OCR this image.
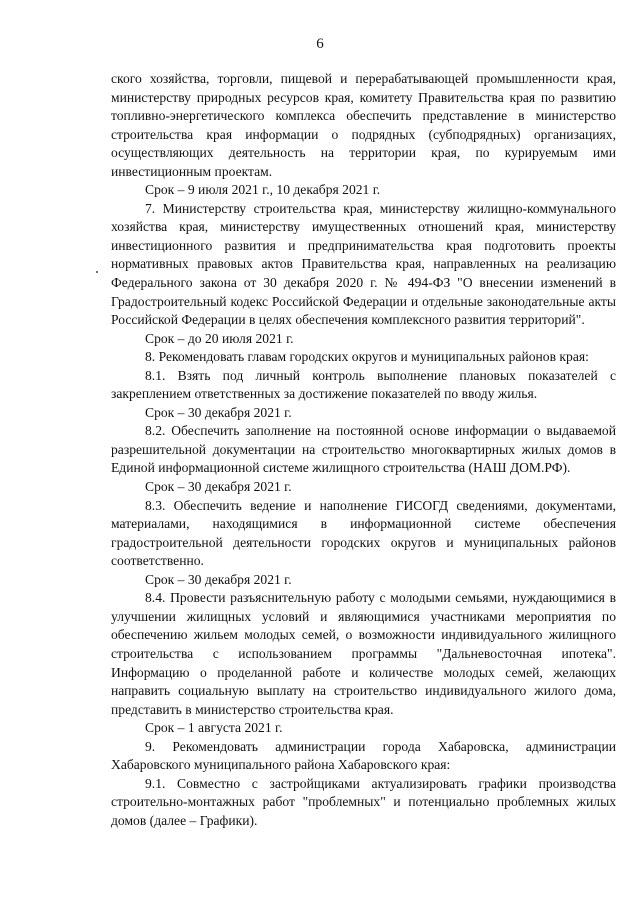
6

ского хозяйства, торговли, пищевой и перерабатывающей промышленности края, министерству природных ресурсов края, комитету Правительства края по развитию топливно-энергетического комплекса обеспечить представление в министерство строительства края информации о подрядных (субподрядных) организациях, осуществляющих деятельность на территории края, по курируемым ими инвестиционным проектам.

Срок – 9 июля 2021 г., 10 декабря 2021 г.

7. Министерству строительства края, министерству жилищно-коммунального хозяйства края, министерству имущественных отношений края, министерству инвестиционного развития и предпринимательства края подготовить проекты нормативных правовых актов Правительства края, направленных на реализацию Федерального закона от 30 декабря 2020 г. № 494-ФЗ "О внесении изменений в Градостроительный кодекс Российской Федерации и отдельные законодательные акты Российской Федерации в целях обеспечения комплексного развития территорий".

Срок – до 20 июля 2021 г.

8. Рекомендовать главам городских округов и муниципальных районов края:

8.1. Взять под личный контроль выполнение плановых показателей с закреплением ответственных за достижение показателей по вводу жилья.

Срок – 30 декабря 2021 г.

8.2. Обеспечить заполнение на постоянной основе информации о выдаваемой разрешительной документации на строительство многоквартирных жилых домов в Единой информационной системе жилищного строительства (НАШ ДОМ.РФ).

Срок – 30 декабря 2021 г.

8.3. Обеспечить ведение и наполнение ГИСОГД сведениями, документами, материалами, находящимися в информационной системе обеспечения градостроительной деятельности городских округов и муниципальных районов соответственно.

Срок – 30 декабря 2021 г.

8.4. Провести разъяснительную работу с молодыми семьями, нуждающимися в улучшении жилищных условий и являющимися участниками мероприятия по обеспечению жильем молодых семей, о возможности индивидуального жилищного строительства с использованием программы "Дальневосточная ипотека". Информацию о проделанной работе и количестве молодых семей, желающих направить социальную выплату на строительство индивидуального жилого дома, представить в министерство строительства края.

Срок – 1 августа 2021 г.

9. Рекомендовать администрации города Хабаровска, администрации Хабаровского муниципального района Хабаровского края:

9.1. Совместно с застройщиками актуализировать графики производства строительно-монтажных работ "проблемных" и потенциально проблемных жилых домов (далее – Графики).
